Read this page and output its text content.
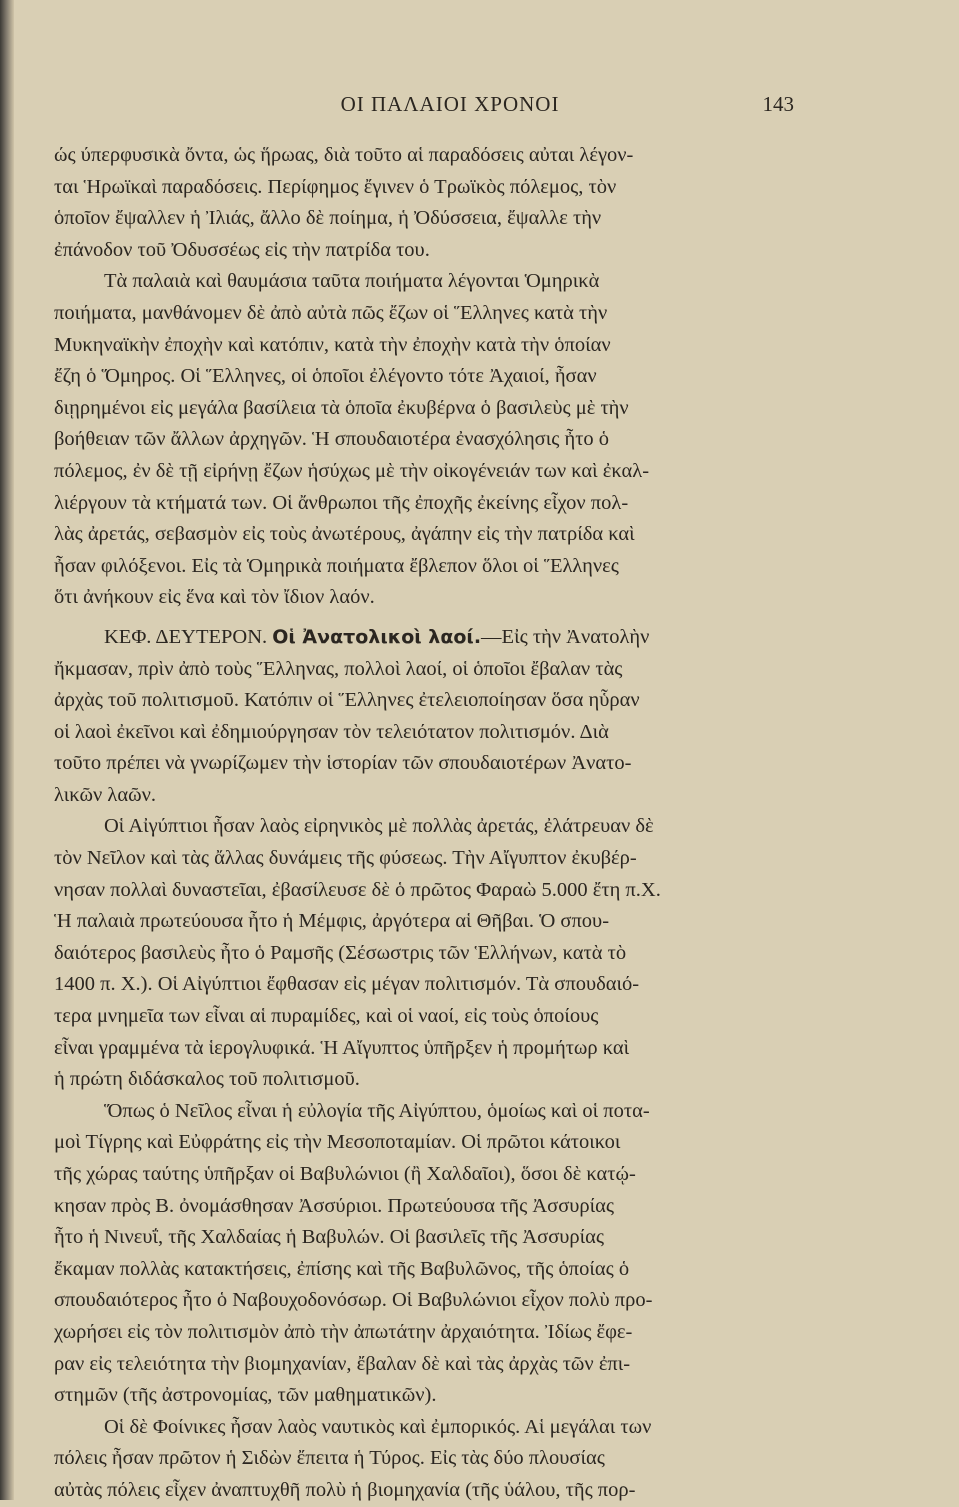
ΟΙ ΠΑΛΑΙΟΙ ΧΡΟΝΟΙ	143

ώς ύπερφυσικὰ ὄντα, ὡς ἥρωας, διὰ τοῦτο αἱ παραδόσεις αὐται λέγον-
ται Ἡρωϊκαὶ παραδόσεις. Περίφημος ἔγινεν ὁ Τρωϊκὸς πόλεμος, τὸν
ὁποῖον ἔψαλλεν ἡ Ἰλιάς, ἄλλο δὲ ποίημα, ἡ Ὀδύσσεια, ἔψαλλε τὴν
ἐπάνοδον τοῦ Ὀδυσσέως εἰς τὴν πατρίδα του.

Τὰ παλαιὰ καὶ θαυμάσια ταῦτα ποιήματα λέγονται Ὁμηρικὰ
ποιήματα, μανθάνομεν δὲ ἀπὸ αὐτὰ πῶς ἔζων οἱ Ἕλληνες κατὰ τὴν
Μυκηναϊκὴν ἐποχὴν καὶ κατόπιν, κατὰ τὴν ἐποχὴν κατὰ τὴν ὁποίαν
ἔζη ὁ Ὅμηρος. Οἱ Ἕλληνες, οἱ ὁποῖοι ἐλέγοντο τότε Ἀχαιοί, ἦσαν
διῃρημένοι εἰς μεγάλα βασίλεια τὰ ὁποῖα ἐκυβέρνα ὁ βασιλεὺς μὲ τὴν
βοήθειαν τῶν ἄλλων ἀρχηγῶν. Ἡ σπουδαιοτέρα ἐνασχόλησις ἦτο ὁ
πόλεμος, ἐν δὲ τῇ εἰρήνῃ ἔζων ἡσύχως μὲ τὴν οἰκογένειάν των καὶ ἐκαλ-
λιέργουν τὰ κτήματά των. Οἱ ἄνθρωποι τῆς ἐποχῆς ἐκείνης εἶχον πολ-
λὰς ἀρετάς, σεβασμὸν εἰς τοὺς ἀνωτέρους, ἀγάπην εἰς τὴν πατρίδα καὶ
ἦσαν φιλόξενοι. Εἰς τὰ Ὁμηρικὰ ποιήματα ἔβλεπον ὅλοι οἱ Ἕλληνες
ὅτι ἀνήκουν εἰς ἕνα καὶ τὸν ἴδιον λαόν.

ΚΕΦ. ΔΕΥΤΕΡΟΝ. Οἱ Ἀνατολικοὶ λαοί.—Εἰς τὴν Ἀνατολὴν
ἤκμασαν, πρὶν ἀπὸ τοὺς Ἕλληνας, πολλοὶ λαοί, οἱ ὁποῖοι ἔβαλαν τὰς
ἀρχὰς τοῦ πολιτισμοῦ. Κατόπιν οἱ Ἕλληνες ἐτελειοποίησαν ὅσα ηὗραν
οἱ λαοὶ ἐκεῖνοι καὶ ἐδημιούργησαν τὸν τελειότατον πολιτισμόν. Διὰ
τοῦτο πρέπει νὰ γνωρίζωμεν τὴν ἱστορίαν τῶν σπουδαιοτέρων Ἀνατο-
λικῶν λαῶν.

Οἱ Αἰγύπτιοι ἦσαν λαὸς εἰρηνικὸς μὲ πολλὰς ἀρετάς, ἐλάτρευαν δὲ
τὸν Νεῖλον καὶ τὰς ἄλλας δυνάμεις τῆς φύσεως. Τὴν Αἴγυπτον ἐκυβέρ-
νησαν πολλαὶ δυναστεῖαι, ἐβασίλευσε δὲ ὁ πρῶτος Φαραὼ 5.000 ἔτη π.Χ.
Ἡ παλαιὰ πρωτεύουσα ἦτο ἡ Μέμφις, ἀργότερα αἱ Θῆβαι. Ὁ σπου-
δαιότερος βασιλεὺς ἦτο ὁ Ραμσῆς (Σέσωστρις τῶν Ἑλλήνων, κατὰ τὸ
1400 π. Χ.). Οἱ Αἰγύπτιοι ἔφθασαν εἰς μέγαν πολιτισμόν. Τὰ σπουδαιό-
τερα μνημεῖα των εἶναι αἱ πυραμίδες, καὶ οἱ ναοί, εἰς τοὺς ὁποίους
εἶναι γραμμένα τὰ ἱερογλυφικά. Ἡ Αἴγυπτος ὑπῆρξεν ἡ προμήτωρ καὶ
ἡ πρώτη διδάσκαλος τοῦ πολιτισμοῦ.

Ὅπως ὁ Νεῖλος εἶναι ἡ εὐλογία τῆς Αἰγύπτου, ὁμοίως καὶ οἱ ποτα-
μοὶ Τίγρης καὶ Εὐφράτης εἰς τὴν Μεσοποταμίαν. Οἱ πρῶτοι κάτοικοι
τῆς χώρας ταύτης ὑπῆρξαν οἱ Βαβυλώνιοι (ἢ Χαλδαῖοι), ὅσοι δὲ κατῴ-
κησαν πρὸς Β. ὀνομάσθησαν Ἀσσύριοι. Πρωτεύουσα τῆς Ἀσσυρίας
ἦτο ἡ Νινευΐ, τῆς Χαλδαίας ἡ Βαβυλών. Οἱ βασιλεῖς τῆς Ἀσσυρίας
ἔκαμαν πολλὰς κατακτήσεις, ἐπίσης καὶ τῆς Βαβυλῶνος, τῆς ὁποίας ὁ
σπουδαιότερος ἦτο ὁ Ναβουχοδονόσωρ. Οἱ Βαβυλώνιοι εἶχον πολὺ προ-
χωρήσει εἰς τὸν πολιτισμὸν ἀπὸ τὴν ἀπωτάτην ἀρχαιότητα. Ἰδίως ἔφε-
ραν εἰς τελειότητα τὴν βιομηχανίαν, ἔβαλαν δὲ καὶ τὰς ἀρχὰς τῶν ἐπι-
στημῶν (τῆς ἀστρονομίας, τῶν μαθηματικῶν).

Οἱ δὲ Φοίνικες ἦσαν λαὸς ναυτικὸς καὶ ἐμπορικός. Αἱ μεγάλαι των
πόλεις ἦσαν πρῶτον ἡ Σιδὼν ἔπειτα ἡ Τύρος. Εἰς τὰς δύο πλουσίας
αὐτὰς πόλεις εἶχεν ἀναπτυχθῆ πολὺ ἡ βιομηχανία (τῆς ὑάλου, τῆς πορ-
